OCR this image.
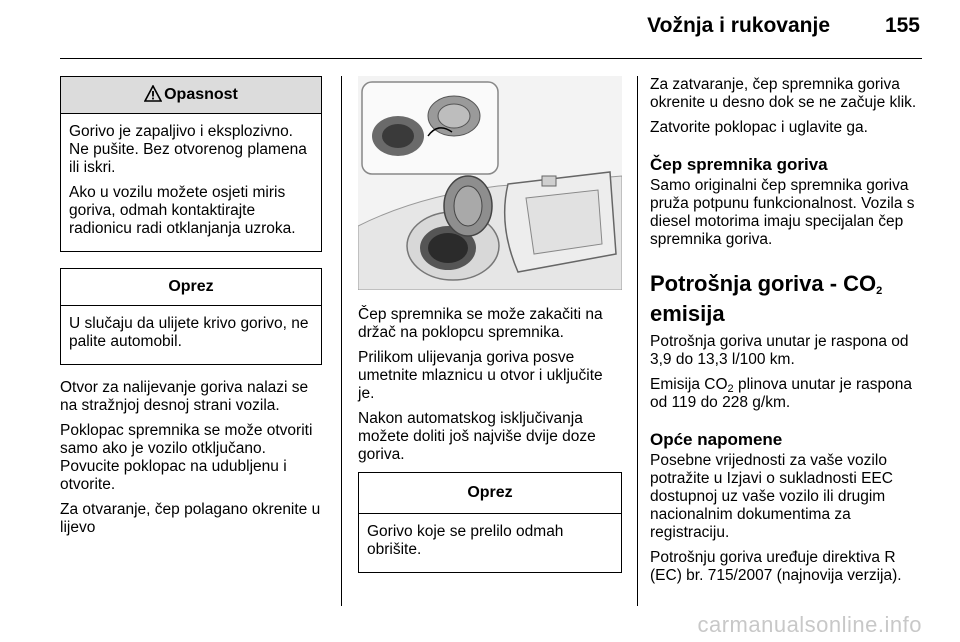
Vožnja i rukovanje	155
Opasnost

Gorivo je zapaljivo i eksplozivno. Ne pušite. Bez otvorenog plamena ili iskri.

Ako u vozilu možete osjeti miris goriva, odmah kontaktirajte radionicu radi otklanjanja uzroka.

Oprez

U slučaju da ulijete krivo gorivo, ne palite automobil.

Otvor za nalijevanje goriva nalazi se na stražnjoj desnoj strani vozila.

Poklopac spremnika se može otvoriti samo ako je vozilo otključano. Povucite poklopac na udubljenu i otvorite.

Za otvaranje, čep polagano okrenite u lijevo

Čep spremnika se može zakačiti na držač na poklopcu spremnika.

Prilikom ulijevanja goriva posve umetnite mlaznicu u otvor i uključite je.

Nakon automatskog isključivanja možete doliti još najviše dvije doze goriva.

Oprez

Gorivo koje se prelilo odmah obrišite.

Za zatvaranje, čep spremnika goriva okrenite u desno dok se ne začuje klik.

Zatvorite poklopac i uglavite ga.

Čep spremnika goriva

Samo originalni čep spremnika goriva pruža potpunu funkcionalnost. Vozila s diesel motorima imaju specijalan čep spremnika goriva.

Potrošnja goriva - $CO_2$
emisija

Potrošnja goriva unutar je raspona od 3,9 do 13,3 l/100 km.

Emisija $CO_2$ plinova unutar je raspona od 119 do 228 g/km.

Opće napomene

Posebne vrijednosti za vaše vozilo potražite u Izjavi o sukladnosti EEC dostupnoj uz vaše vozilo ili drugim nacionalnim dokumentima za registraciju.

Potrošnju goriva uređuje direktiva R (EC) br. 715/2007 (najnovija verzija).

carmanualsonline.info
